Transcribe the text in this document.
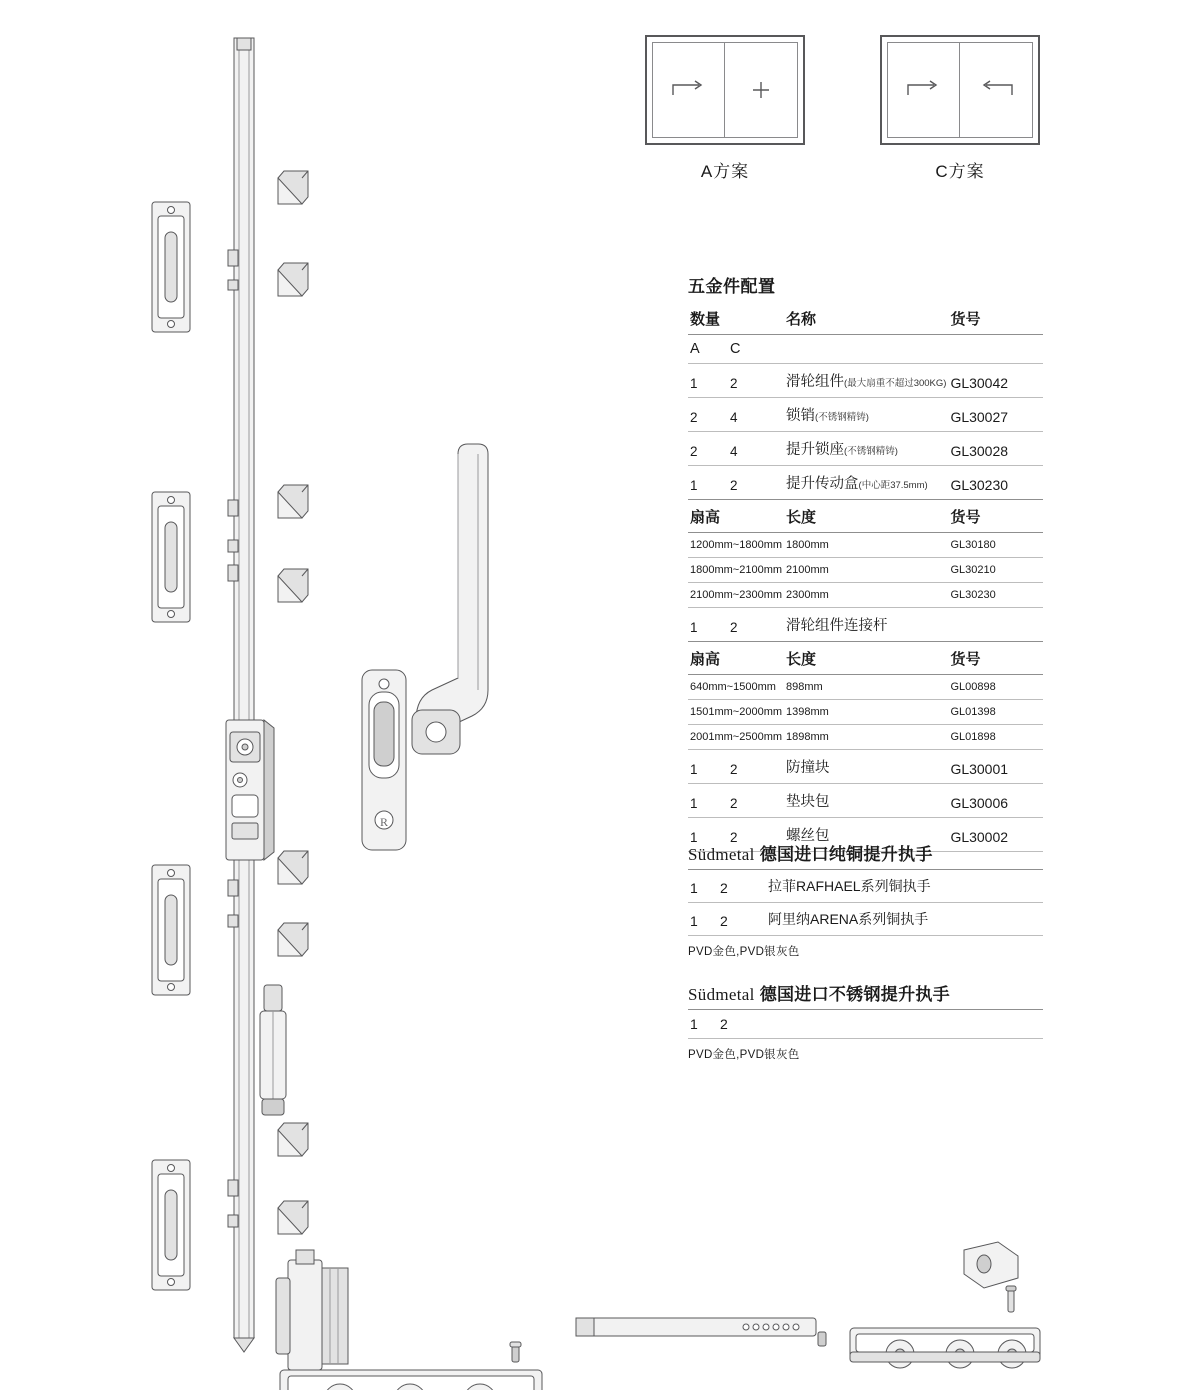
R
A方案	C方案
五金件配置
数量		名称	货号
A	C		
1	2	滑轮组件(最大扇重不超过300KG)	GL30042
2	4	锁销(不锈钢精铸)	GL30027
2	4	提升锁座(不锈钢精铸)	GL30028
1	2	提升传动盒(中心距37.5mm)	GL30230
扇高		长度	货号
1200mm~1800mm		1800mm	GL30180
1800mm~2100mm		2100mm	GL30210
2100mm~2300mm		2300mm	GL30230
1	2	滑轮组件连接杆	
扇高		长度	货号
640mm~1500mm		898mm	GL00898
1501mm~2000mm		1398mm	GL01398
2001mm~2500mm		1898mm	GL01898
1	2	防撞块	GL30001
1	2	垫块包	GL30006
1	2	螺丝包	GL30002
Südmetal 德国进口纯铜提升执手
1	2	拉菲RAFHAEL系列铜执手
1	2	阿里纳ARENA系列铜执手
PVD金色,PVD银灰色
Südmetal 德国进口不锈钢提升执手
1	2	
PVD金色,PVD银灰色
